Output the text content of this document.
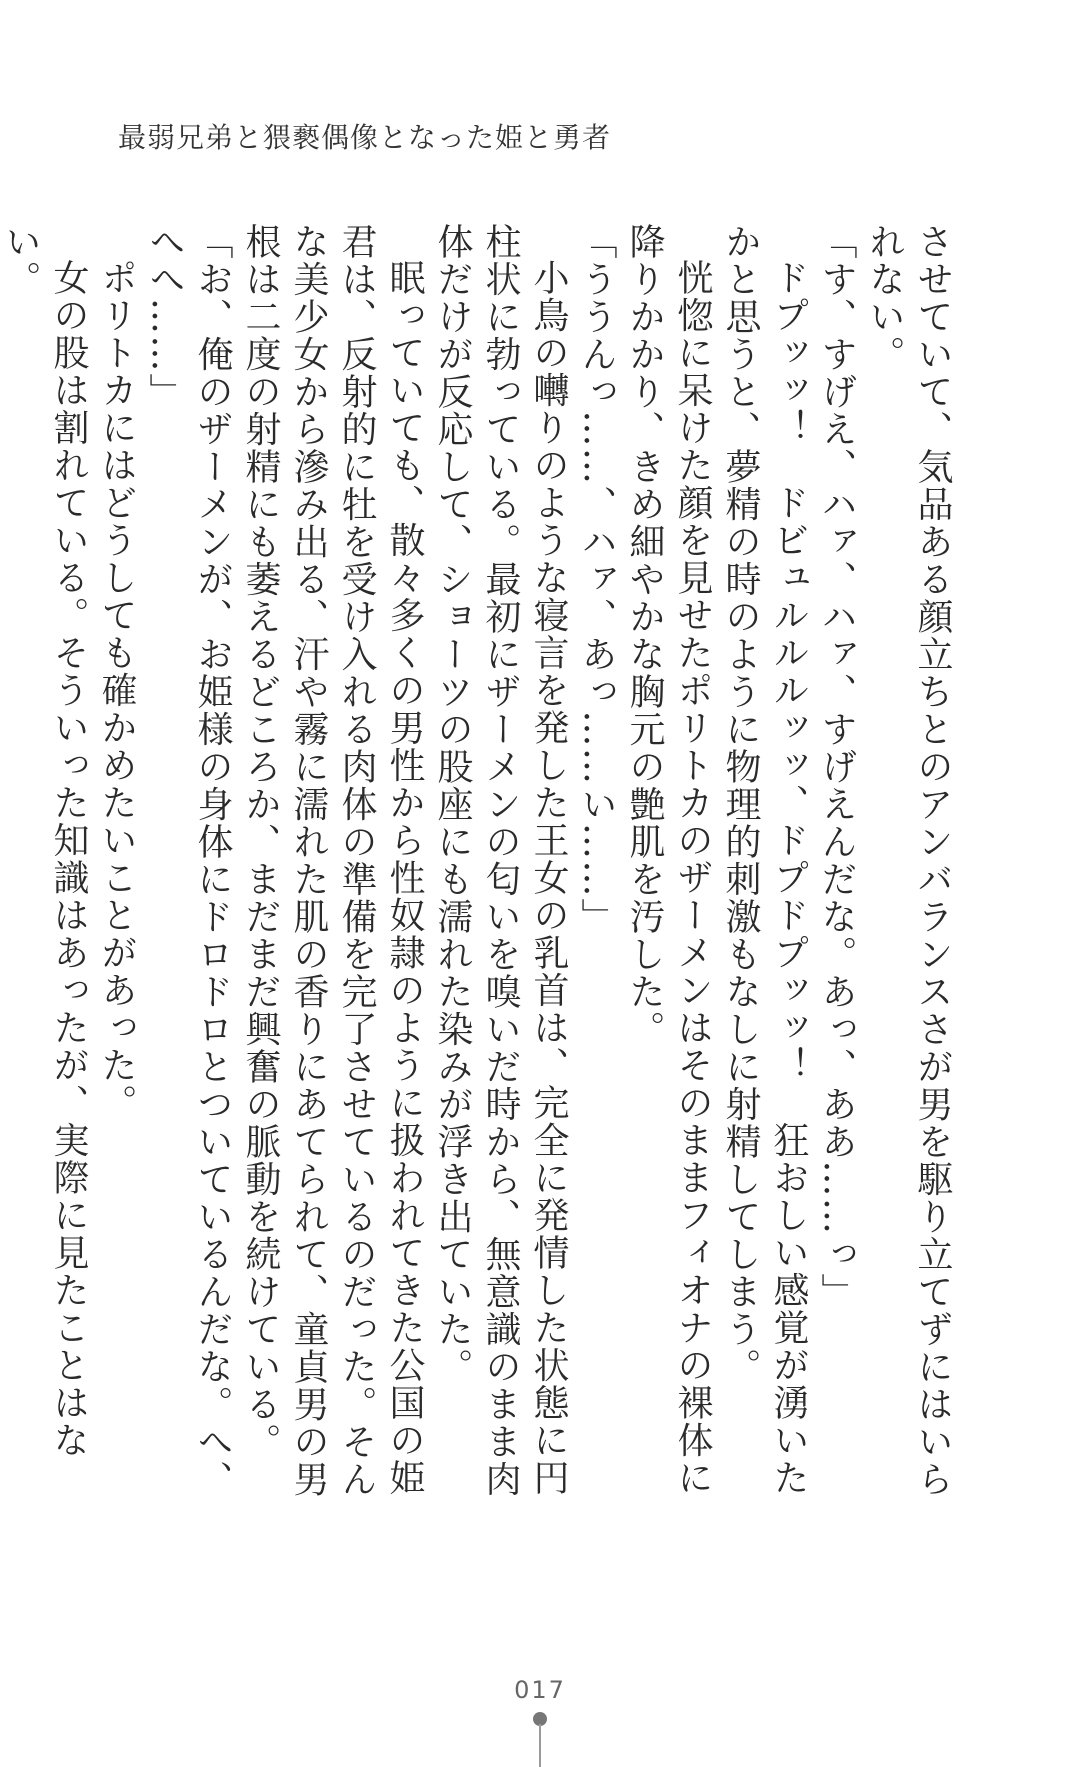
最弱兄弟と猥褻偶像となった姫と勇者

させていて、気品ある顔立ちとのアンバランスさが男を駆り立てずにはいられない。

「す、すげえ、ハァ、ハァ、すげえんだな。あっ、ああ……っ」

ドプッッ！　ドビュルルルッッ、ドプドプッッ！　狂おしい感覚が湧いたかと思うと、夢精の時のように物理的刺激もなしに射精してしまう。

恍惚に呆けた顔を見せたポリトカのザーメンはそのままフィオナの裸体に降りかかり、きめ細やかな胸元の艶肌を汚した。

「ううんっ……、ハァ、あっ……い……」

小鳥の囀りのような寝言を発した王女の乳首は、完全に発情した状態に円柱状に勃っている。最初にザーメンの匂いを嗅いだ時から、無意識のまま肉体だけが反応して、ショーツの股座にも濡れた染みが浮き出ていた。

眠っていても、散々多くの男性から性奴隷のように扱われてきた公国の姫君は、反射的に牡を受け入れる肉体の準備を完了させているのだった。そんな美少女から滲み出る、汗や霧に濡れた肌の香りにあてられて、童貞男の男根は二度の射精にも萎えるどころか、まだまだ興奮の脈動を続けている。

「お、俺のザーメンが、お姫様の身体にドロドロとついているんだな。へ、へへ……」

ポリトカにはどうしても確かめたいことがあった。

女の股は割れている。そういった知識はあったが、実際に見たことはない。

017
